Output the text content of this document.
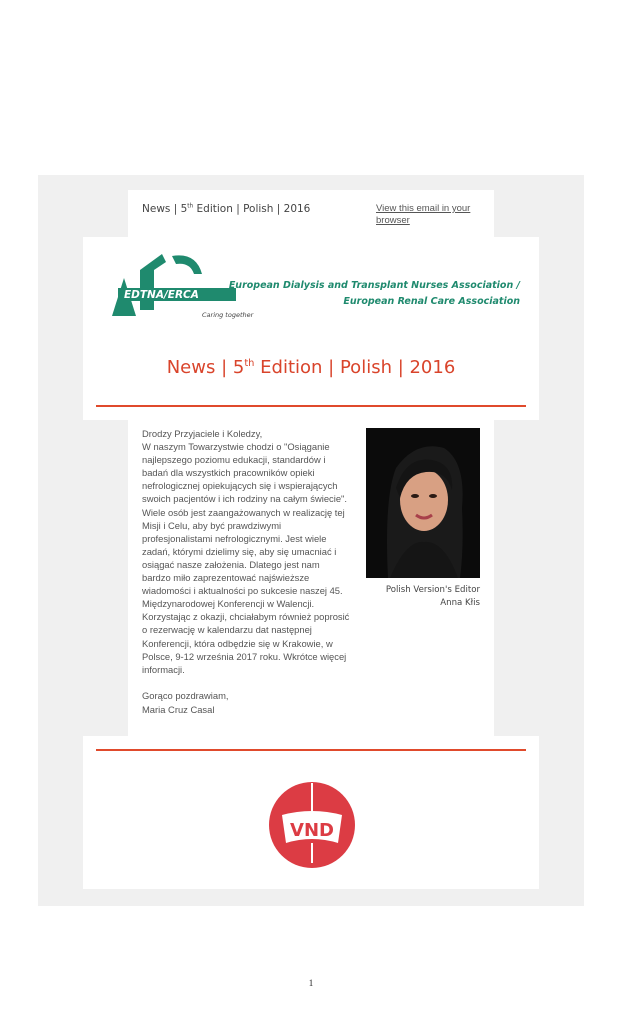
News | 5th Edition | Polish | 2016	View this email in your browser
EDTNA/ERCA
Caring together
European Dialysis and Transplant Nurses Association /
European Renal Care Association
News | 5th Edition | Polish | 2016

Drodzy Przyjaciele i Koledzy,

W naszym Towarzystwie chodzi o "Osiąganie najlepszego poziomu edukacji, standardów i badań dla wszystkich pracowników opieki nefrologicznej opiekujących się i wspierających swoich pacjentów i ich rodziny na całym świecie". Wiele osób jest zaangażowanych w realizację tej Misji i Celu, aby być prawdziwymi profesjonalistami nefrologicznymi. Jest wiele zadań, którymi dzielimy się, aby się umacniać i osiągać nasze założenia. Dlatego jest nam bardzo miło zaprezentować najświeższe wiadomości i aktualności po sukcesie naszej 45. Międzynarodowej Konferencji w Walencji. Korzystając z okazji, chciałabym również poprosić o rezerwację w kalendarzu dat następnej Konferencji, która odbędzie się w Krakowie, w Polsce, 9-12 września 2017 roku. Wkrótce więcej informacji.

Gorąco pozdrawiam,
Maria Cruz Casal
Polish Version's Editor
Anna Kłis
VND
1
